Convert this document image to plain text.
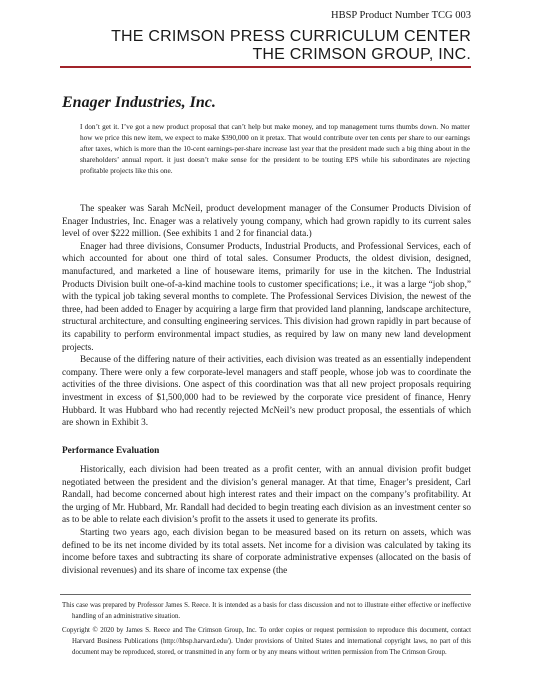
HBSP Product Number TCG 003
THE CRIMSON PRESS CURRICULUM CENTER
THE CRIMSON GROUP, INC.
Enager Industries, Inc.
I don’t get it. I’ve got a new product proposal that can’t help but make money, and top management turns thumbs down. No matter how we price this new item, we expect to make $390,000 on it pretax. That would contribute over ten cents per share to our earnings after taxes, which is more than the 10-cent earnings-per-share increase last year that the president made such a big thing about in the shareholders’ annual report. it just doesn’t make sense for the president to be touting EPS while his subordinates are rejecting profitable projects like this one.

The speaker was Sarah McNeil, product development manager of the Consumer Products Division of Enager Industries, Inc. Enager was a relatively young company, which had grown rapidly to its current sales level of over $222 million. (See exhibits 1 and 2 for financial data.)

Enager had three divisions, Consumer Products, Industrial Products, and Professional Services, each of which accounted for about one third of total sales. Consumer Products, the oldest division, designed, manufactured, and marketed a line of houseware items, primarily for use in the kitchen. The Industrial Products Division built one-of-a-kind machine tools to customer specifications; i.e., it was a large “job shop,” with the typical job taking several months to complete. The Professional Services Division, the newest of the three, had been added to Enager by acquiring a large firm that provided land planning, landscape architecture, structural architecture, and consulting engineering services. This division had grown rapidly in part because of its capability to perform environmental impact studies, as required by law on many new land development projects.

Because of the differing nature of their activities, each division was treated as an essentially independent company. There were only a few corporate-level managers and staff people, whose job was to coordinate the activities of the three divisions. One aspect of this coordination was that all new project proposals requiring investment in excess of $1,500,000 had to be reviewed by the corporate vice president of finance, Henry Hubbard. It was Hubbard who had recently rejected McNeil’s new product proposal, the essentials of which are shown in Exhibit 3.

Performance Evaluation

Historically, each division had been treated as a profit center, with an annual division profit budget negotiated between the president and the division’s general manager. At that time, Enager’s president, Carl Randall, had become concerned about high interest rates and their impact on the company’s profitability. At the urging of Mr. Hubbard, Mr. Randall had decided to begin treating each division as an investment center so as to be able to relate each division’s profit to the assets it used to generate its profits.

Starting two years ago, each division began to be measured based on its return on assets, which was defined to be its net income divided by its total assets. Net income for a division was calculated by taking its income before taxes and subtracting its share of corporate administrative expenses (allocated on the basis of divisional revenues) and its share of income tax expense (the

This case was prepared by Professor James S. Reece. It is intended as a basis for class discussion and not to illustrate either effective or ineffective handling of an administrative situation.

Copyright © 2020 by James S. Reece and The Crimson Group, Inc. To order copies or request permission to reproduce this document, contact Harvard Business Publications (http://hbsp.harvard.edu/). Under provisions of United States and international copyright laws, no part of this document may be reproduced, stored, or transmitted in any form or by any means without written permission from The Crimson Group.
